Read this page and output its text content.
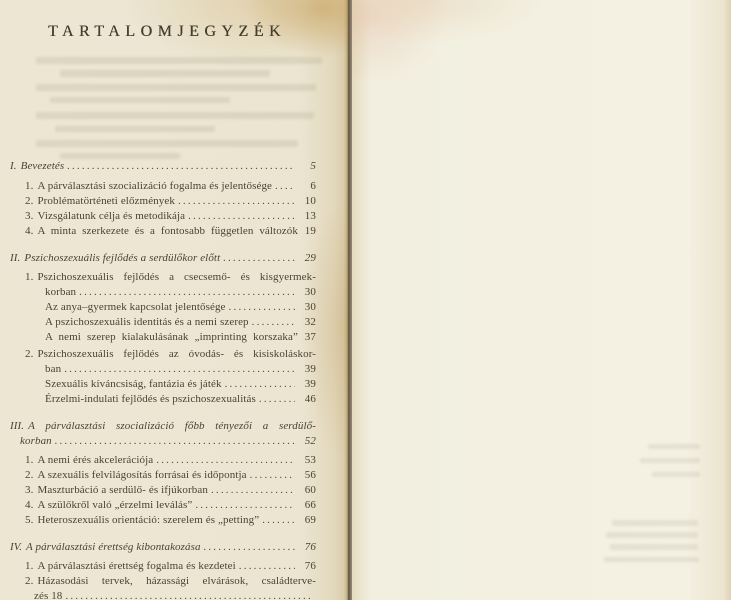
TARTALOMJEGYZÉK
I. Bevezetés .....	5
1. A párválasztási szocializáció fogalma és jelentősége .....	6
2. Problématörténeti előzmények .....	10
3. Vizsgálatunk célja és metodikája .....	13
4. A minta szerkezete és a fontosabb független változók 19
II. Pszichoszexuális fejlődés a serdülőkor előtt .....	29
1. Pszichoszexuális fejlődés a csecsemő- és kisgyermek-
korban .....	30
Az anya–gyermek kapcsolat jelentősége .....	30
A pszichoszexuális identitás és a nemi szerep .....	32
A nemi szerep kialakulásának „imprinting korszaka” 37
2. Pszichoszexuális fejlődés az óvodás- és kisiskoláskor-
ban .....	39
Szexuális kíváncsiság, fantázia és játék .....	39
Érzelmi-indulati fejlődés és pszichoszexualitás .....	46
III. A párválasztási szocializáció főbb tényezői a serdülő-
korban .....	52
1. A nemi érés akcelerációja .....	53
2. A szexuális felvilágosítás forrásai és időpontja .....	56
3. Maszturbáció a serdülő- és ifjúkorban .....	60
4. A szülőkről való „érzelmi leválás” .....	66
5. Heteroszexuális orientáció: szerelem és „petting” .....	69
IV. A párválasztási érettség kibontakozása .....	76
1. A párválasztási érettség fogalma és kezdetei .....	76
2. Házasodási tervek, házassági elvárások, családterve-
zés 18
.....
